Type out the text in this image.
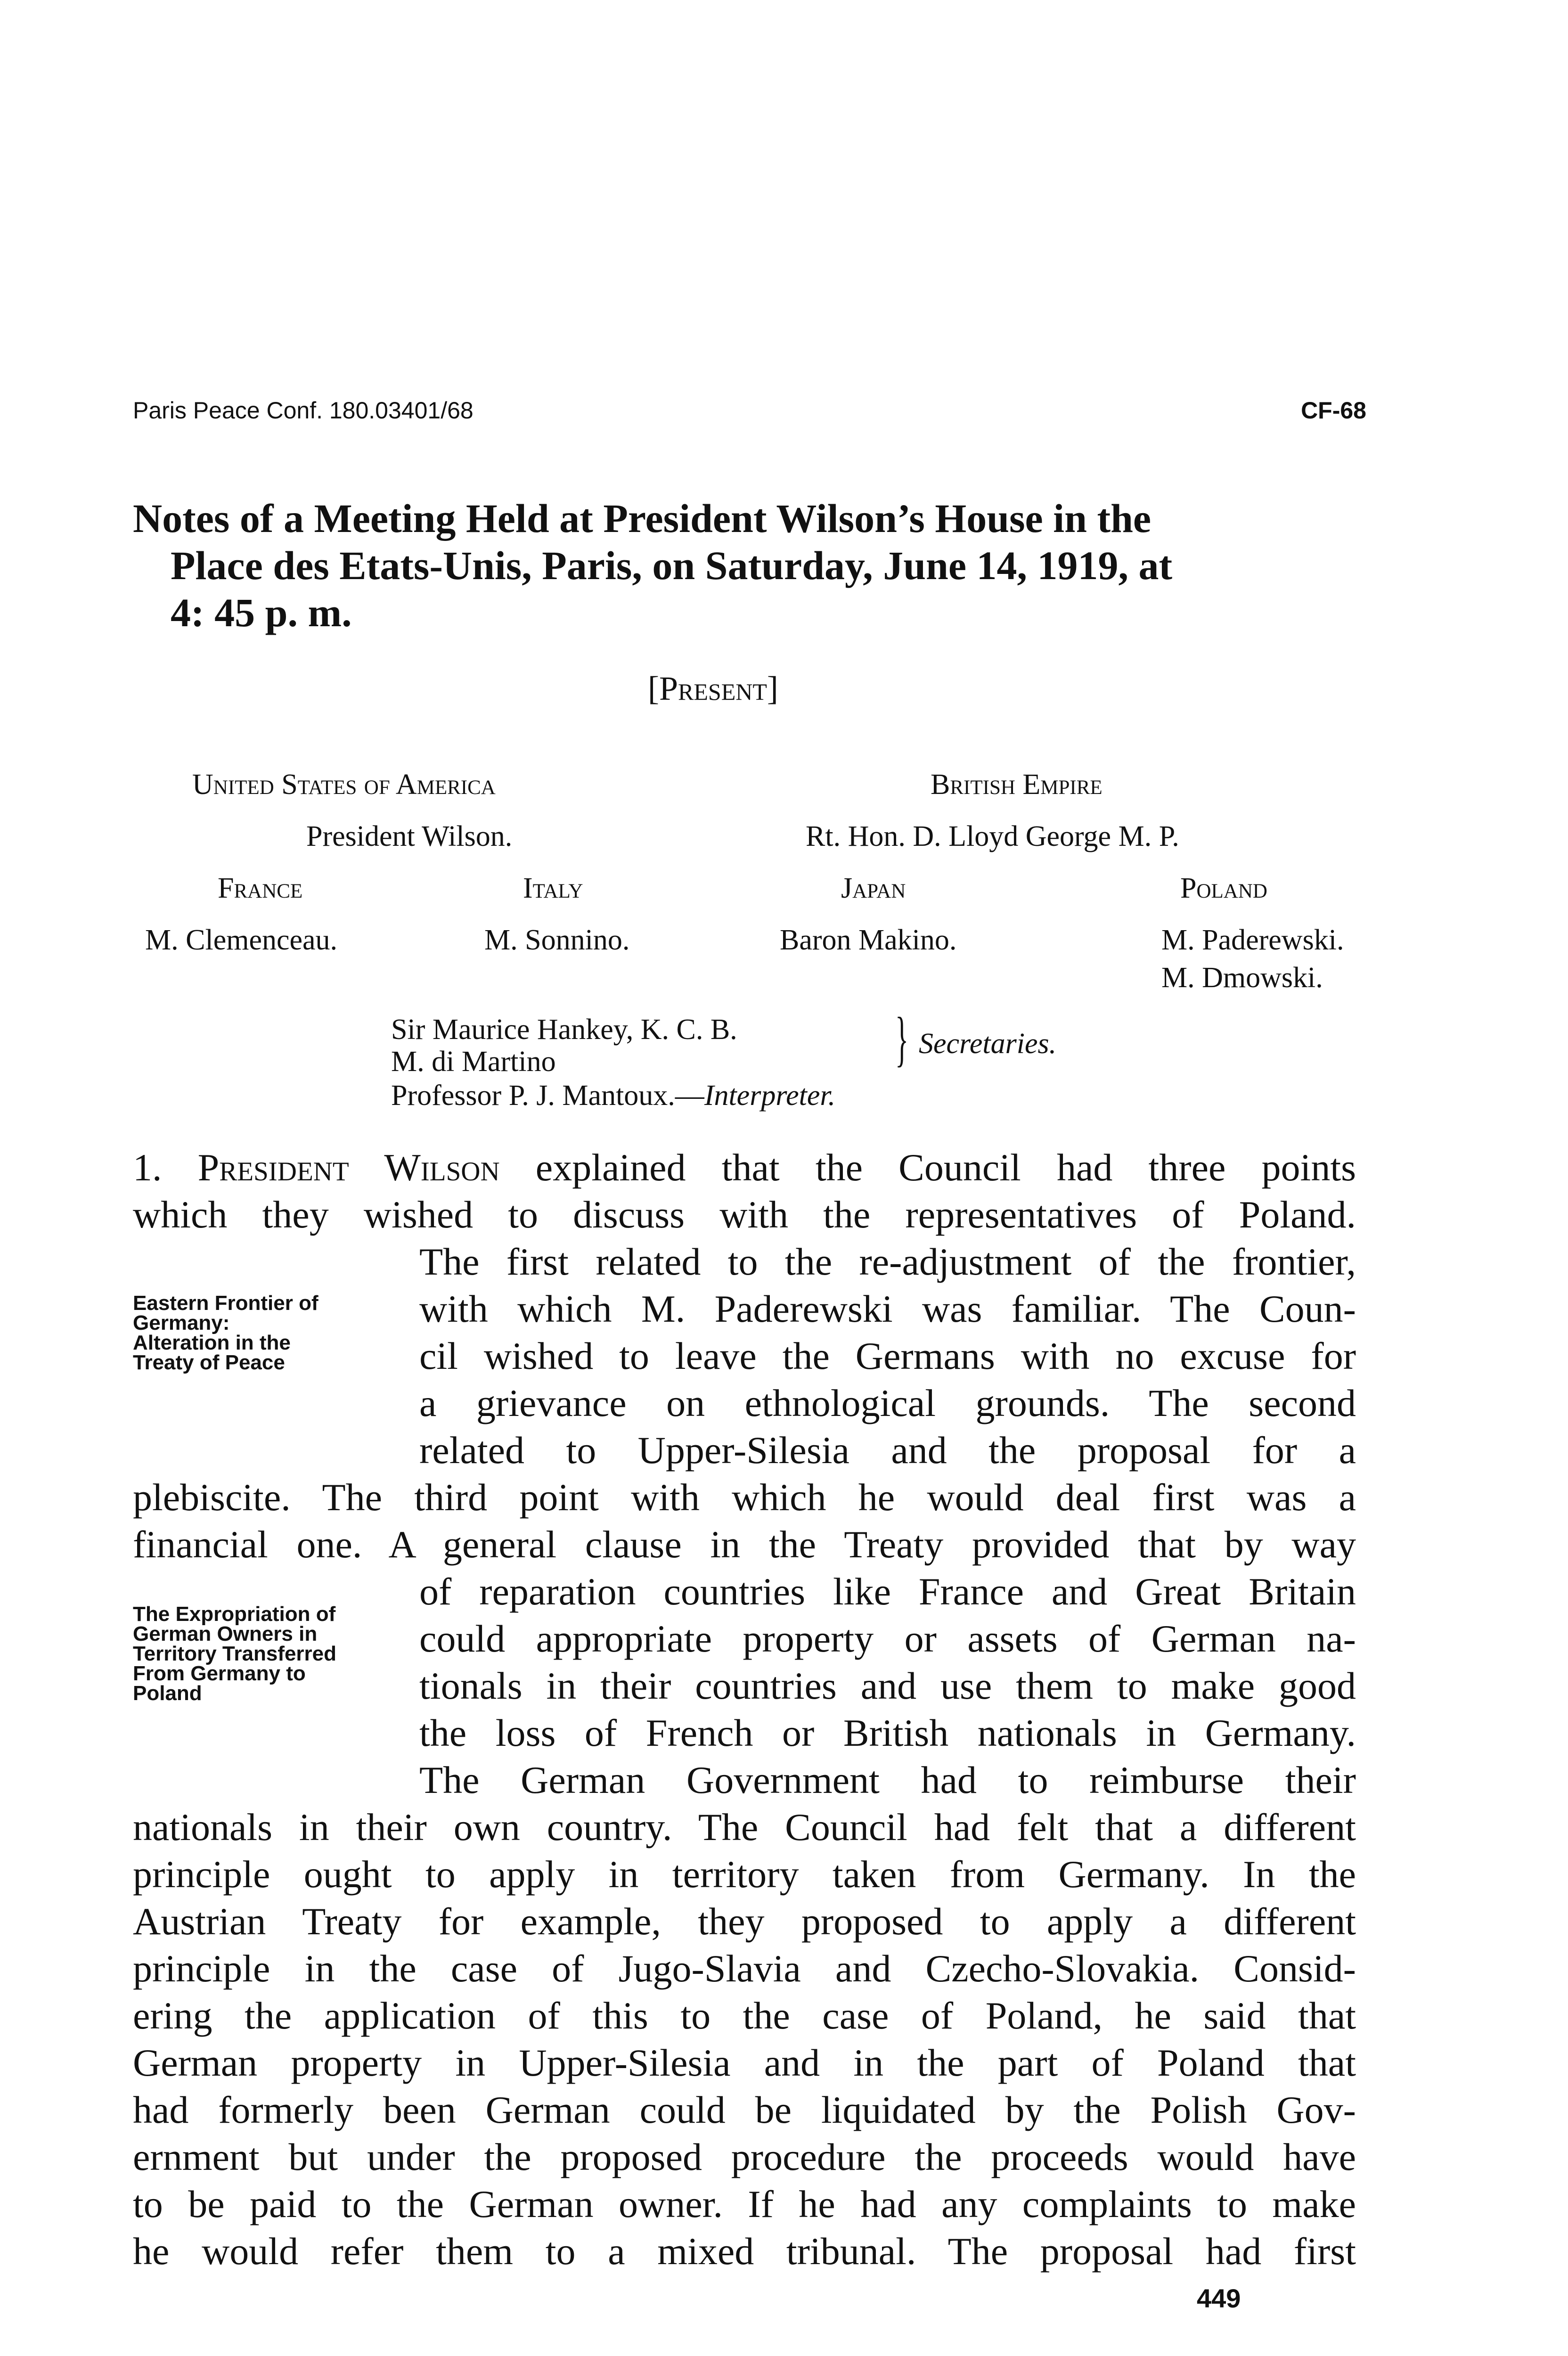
Paris Peace Conf. 180.03401/68	CF-68
Notes of a Meeting Held at President Wilson’s House in the
Place des Etats-Unis, Paris, on Saturday, June 14, 1919, at
4: 45 p. m.
[Present]
United States of America
President Wilson.
British Empire
Rt. Hon. D. Lloyd George M. P.
France
M. Clemenceau.
Italy
M. Sonnino.
Japan
Baron Makino.
Poland
M. Paderewski.
M. Dmowski.
Sir Maurice Hankey, K. C. B.
M. di Martino	} Secretaries.
Professor P. J. Mantoux.—Interpreter.
Eastern Frontier of Germany: Alteration in the Treaty of Peace
The Expropriation of German Owners in Territory Transferred From Germany to Poland
1. President Wilson explained that the Council had three points
which they wished to discuss with the representatives of Poland.
The first related to the re-adjustment of the frontier,
with which M. Paderewski was familiar. The Coun-
cil wished to leave the Germans with no excuse for
a grievance on ethnological grounds. The second
related to Upper-Silesia and the proposal for a
plebiscite. The third point with which he would deal first was a
financial one. A general clause in the Treaty provided that by way
of reparation countries like France and Great Britain
could appropriate property or assets of German na-
tionals in their countries and use them to make good
the loss of French or British nationals in Germany.
The German Government had to reimburse their
nationals in their own country. The Council had felt that a different
principle ought to apply in territory taken from Germany. In the
Austrian Treaty for example, they proposed to apply a different
principle in the case of Jugo-Slavia and Czecho-Slovakia. Consid-
ering the application of this to the case of Poland, he said that
German property in Upper-Silesia and in the part of Poland that
had formerly been German could be liquidated by the Polish Gov-
ernment but under the proposed procedure the proceeds would have
to be paid to the German owner. If he had any complaints to make
he would refer them to a mixed tribunal. The proposal had first
449
